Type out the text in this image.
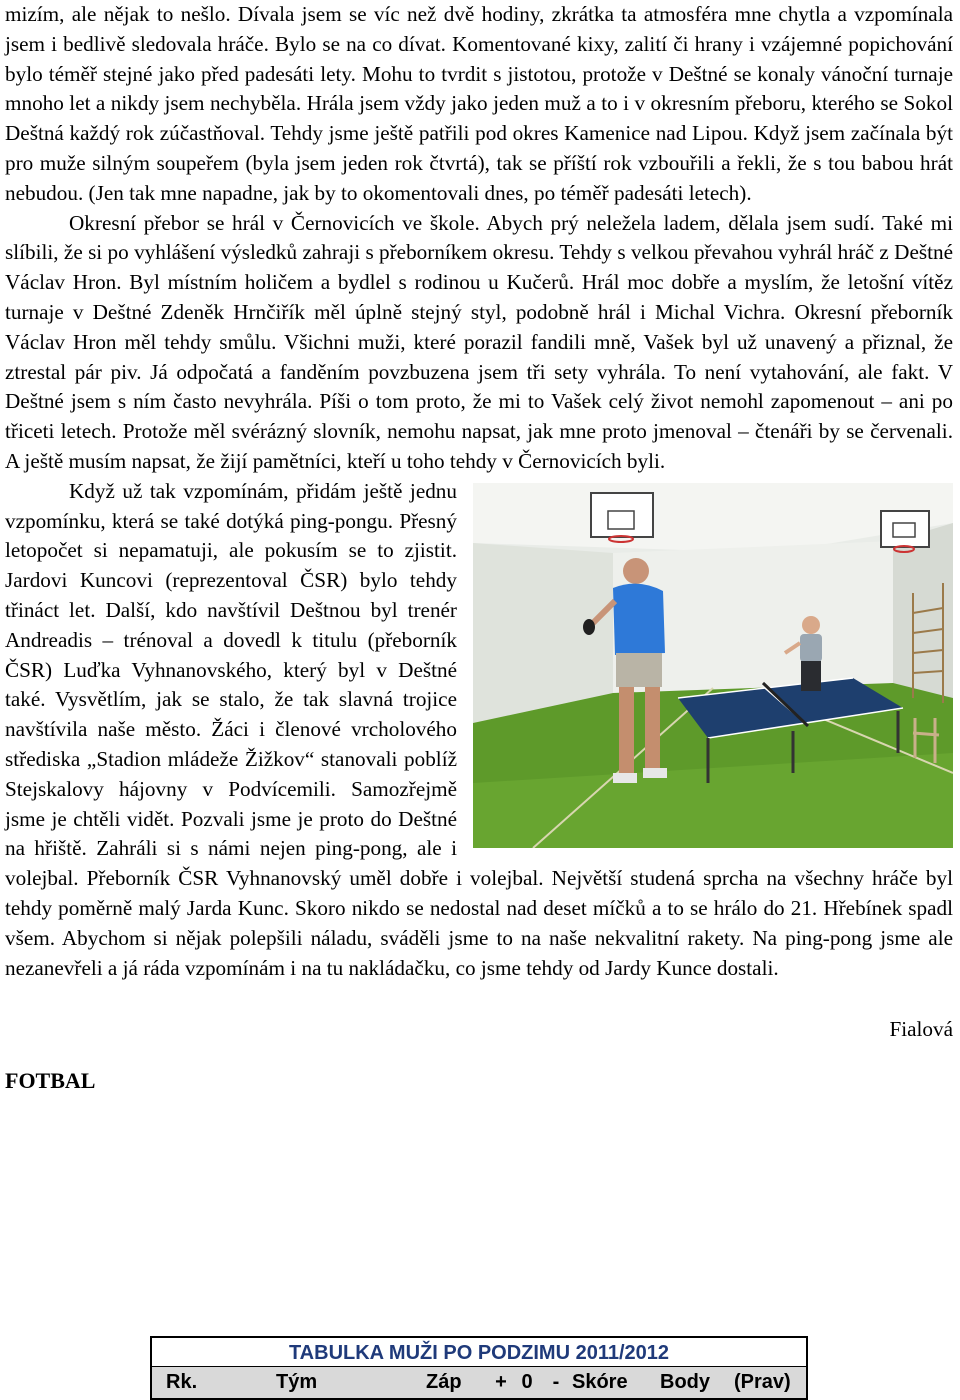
mizím, ale nějak to nešlo. Dívala jsem se víc než dvě hodiny, zkrátka ta atmosféra mne chytla a vzpomínala jsem i bedlivě sledovala hráče. Bylo se na co dívat. Komentované kixy, zalití či hrany i vzájemné popichování bylo téměř stejné jako před padesáti lety. Mohu to tvrdit s jistotou, protože v Deštné se konaly vánoční turnaje mnoho let a nikdy jsem nechyběla. Hrála jsem vždy jako jeden muž a to i v okresním přeboru, kterého se Sokol Deštná každý rok zúčastňoval. Tehdy jsme ještě patřili pod okres Kamenice nad Lipou. Když jsem začínala být pro muže silným soupeřem (byla jsem jeden rok čtvrtá), tak se příští rok vzbouřili a řekli, že s tou babou hrát nebudou. (Jen tak mne napadne, jak by to okomentovali dnes, po téměř padesáti letech).

Okresní přebor se hrál v Černovicích ve škole. Abych prý neležela ladem, dělala jsem sudí. Také mi slíbili, že si po vyhlášení výsledků zahraji s přeborníkem okresu. Tehdy s velkou převahou vyhrál hráč z Deštné Václav Hron. Byl místním holičem a bydlel s rodinou u Kučerů. Hrál moc dobře a myslím, že letošní vítěz turnaje v Deštné Zdeněk Hrnčiřík měl úplně stejný styl, podobně hrál i Michal Vichra. Okresní přeborník Václav Hron měl tehdy smůlu. Všichni muži, které porazil fandili mně, Vašek byl už unavený a přiznal, že ztrestal pár piv. Já odpočatá a fanděním povzbuzena jsem tři sety vyhrála. To není vytahování, ale fakt. V Deštné jsem s ním často nevyhrála. Píši o tom proto, že mi to Vašek celý život nemohl zapomenout – ani po třiceti letech. Protože měl svérázný slovník, nemohu napsat, jak mne proto jmenoval – čtenáři by se červenali. A ještě musím napsat, že žijí pamětníci, kteří u toho tehdy v Černovicích byli.

Když už tak vzpomínám, přidám ještě jednu vzpomínku, která se také dotýká ping-pongu. Přesný letopočet si nepamatuji, ale pokusím se to zjistit. Jardovi Kuncovi (reprezentoval ČSR) bylo tehdy třináct let. Další, kdo navštívil Deštnou byl trenér Andreadis – trénoval a dovedl k titulu (přeborník ČSR) Luďka Vyhnanovského, který byl v Deštné také. Vysvětlím, jak se stalo, že tak slavná trojice navštívila naše město. Žáci i členové vrcholového střediska „Stadion mládeže Žižkov“ stanovali poblíž Stejskalovy hájovny v Podvícemili. Samozřejmě jsme je chtěli vidět. Pozvali jsme je proto do Deštné na hřiště. Zahráli si s námi nejen ping-pong, ale i volejbal. Přeborník ČSR Vyhnanovský uměl dobře i volejbal. Největší studená sprcha na všechny hráče byl tehdy poměrně malý Jarda Kunc. Skoro nikdo se nedostal nad deset míčků a to se hrálo do 21. Hřebínek spadl všem. Abychom si nějak polepšili náladu, sváděli jsme to na naše nekvalitní rakety. Na ping-pong jsme ale nezanevřeli a já ráda vzpomínám i na tu nakládačku, co jsme tehdy od Jardy Kunce dostali.

Fialová
FOTBAL
TABULKA MUŽI PO PODZIMU 2011/2012
Rk.	Tým	Záp	+ 0	- Skóre	Body	(Prav)
